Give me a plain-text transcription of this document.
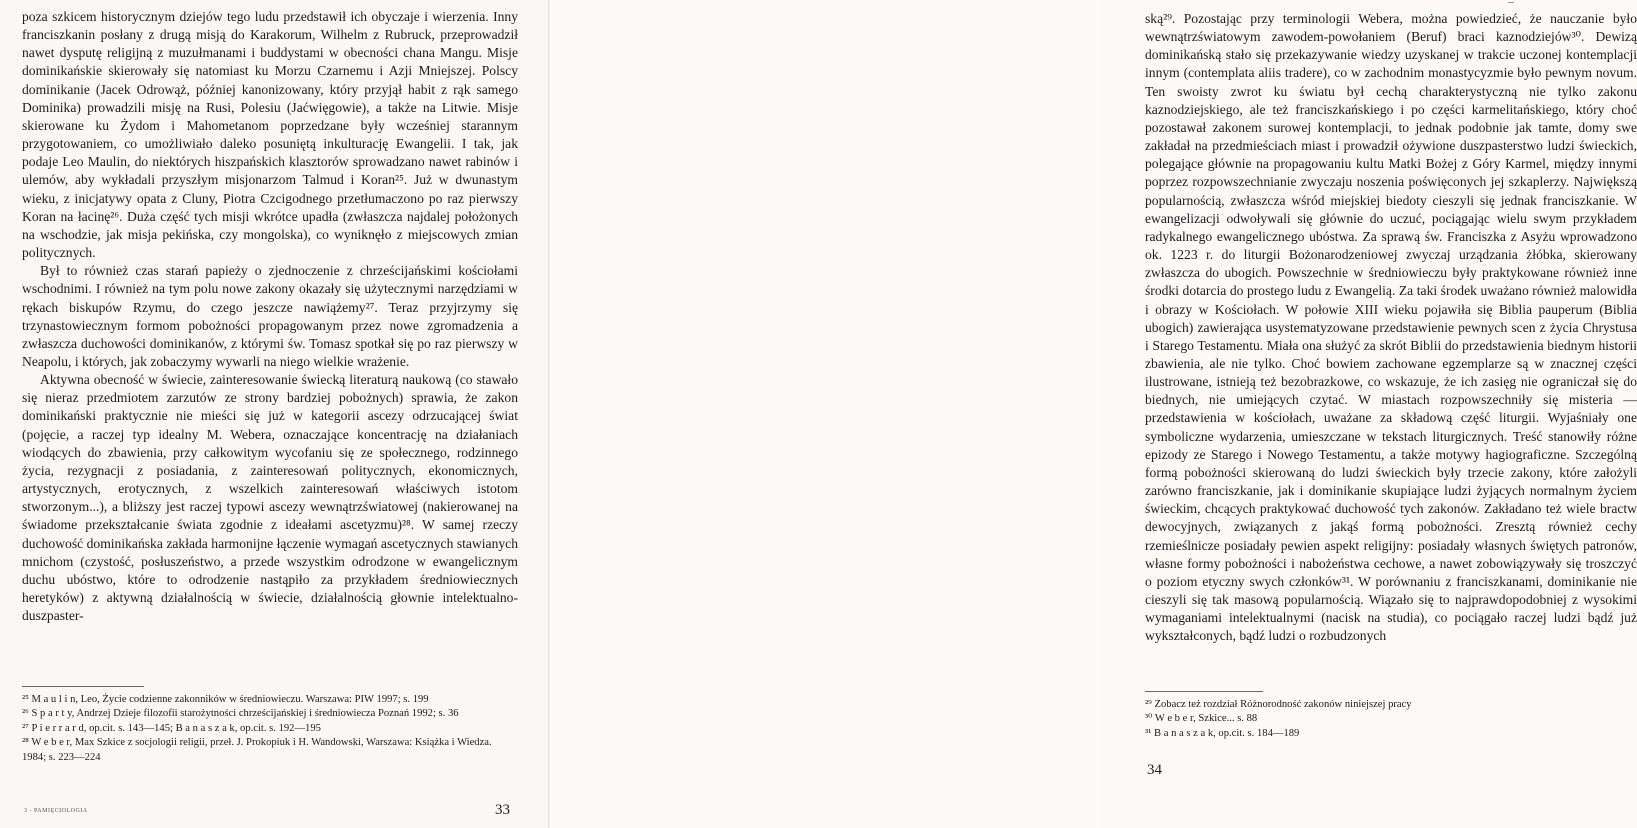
poza szkicem historycznym dziejów tego ludu przedstawił ich obyczaje i wierzenia. Inny franciszkanin posłany z drugą misją do Karakorum, Wilhelm z Rubruck, przeprowadził nawet dysputę religijną z muzułmanami i buddystami w obecności chana Mangu. Misje dominikańskie skierowały się natomiast ku Morzu Czarnemu i Azji Mniejszej. Polscy dominikanie (Jacek Odrowąż, później kanonizowany, który przyjął habit z rąk samego Dominika) prowadzili misję na Rusi, Polesiu (Jaćwięgowie), a także na Litwie. Misje skierowane ku Żydom i Mahometanom poprzedzane były wcześniej starannym przygotowaniem, co umożliwiało daleko posuniętą inkulturację Ewangelii. I tak, jak podaje Leo Maulin, do niektórych hiszpańskich klasztorów sprowadzano nawet rabinów i ulemów, aby wykładali przyszłym misjonarzom Talmud i Koran²⁵. Już w dwunastym wieku, z inicjatywy opata z Cluny, Piotra Czcigodnego przetłumaczono po raz pierwszy Koran na łacinę²⁶. Duża część tych misji wkrótce upadła (zwłaszcza najdalej położonych na wschodzie, jak misja pekińska, czy mongolska), co wyniknęło z miejscowych zmian politycznych.

Był to również czas starań papieży o zjednoczenie z chrześcijańskimi kościołami wschodnimi. I również na tym polu nowe zakony okazały się użytecznymi narzędziami w rękach biskupów Rzymu, do czego jeszcze nawiążemy²⁷. Teraz przyjrzymy się trzynastowiecznym formom pobożności propagowanym przez nowe zgromadzenia a zwłaszcza duchowości dominikanów, z którymi św. Tomasz spotkał się po raz pierwszy w Neapolu, i których, jak zobaczymy wywarli na niego wielkie wrażenie.

Aktywna obecność w świecie, zainteresowanie świecką literaturą naukową (co stawało się nieraz przedmiotem zarzutów ze strony bardziej pobożnych) sprawia, że zakon dominikański praktycznie nie mieści się już w kategorii ascezy odrzucającej świat (pojęcie, a raczej typ idealny M. Webera, oznaczające koncentrację na działaniach wiodących do zbawienia, przy całkowitym wycofaniu się ze społecznego, rodzinnego życia, rezygnacji z posiadania, z zainteresowań politycznych, ekonomicznych, artystycznych, erotycznych, z wszelkich zainteresowań właściwych istotom stworzonym...), a bliższy jest raczej typowi ascezy wewnątrzświatowej (nakierowanej na świadome przekształcanie świata zgodnie z ideałami ascetyzmu)²⁸. W samej rzeczy duchowość dominikańska zakłada harmonijne łączenie wymagań ascetycznych stawianych mnichom (czystość, posłuszeństwo, a przede wszystkim odrodzone w ewangelicznym duchu ubóstwo, które to odrodzenie nastąpiło za przykładem średniowiecznych heretyków) z aktywną działalnością w świecie, działalnością głownie intelektualno-duszpaster-

²⁵ M a u l i n, Leo, Życie codzienne zakonników w średniowieczu. Warszawa: PIW 1997; s. 199
²⁶ S p a r t y, Andrzej Dzieje filozofii starożytności chrześcijańskiej i średniowiecza Poznań 1992; s. 36
²⁷ P i e r r a r d, op.cit. s. 143—145; B a n a s z a k, op.cit. s. 192—195
²⁸ W e b e r, Max Szkice z socjologii religii, przeł. J. Prokopiuk i H. Wandowski, Warszawa: Książka i Wiedza. 1984; s. 223—224
3 - PAMIĘCIOLOGIA	33

ską²⁹. Pozostając przy terminologii Webera, można powiedzieć, że nauczanie było wewnątrzświatowym zawodem-powołaniem (Beruf) braci kaznodziejów³⁰. Dewizą dominikańską stało się przekazywanie wiedzy uzyskanej w trakcie uczonej kontemplacji innym (contemplata aliis tradere), co w zachodnim monastycyzmie było pewnym novum. Ten swoisty zwrot ku światu był cechą charakterystyczną nie tylko zakonu kaznodziejskiego, ale też franciszkańskiego i po części karmelitańskiego, który choć pozostawał zakonem surowej kontemplacji, to jednak podobnie jak tamte, domy swe zakładał na przedmieściach miast i prowadził ożywione duszpasterstwo ludzi świeckich, polegające głównie na propagowaniu kultu Matki Bożej z Góry Karmel, między innymi poprzez rozpowszechnianie zwyczaju noszenia poświęconych jej szkaplerzy. Największą popularnością, zwłaszcza wśród miejskiej biedoty cieszyli się jednak franciszkanie. W ewangelizacji odwoływali się głównie do uczuć, pociągając wielu swym przykładem radykalnego ewangelicznego ubóstwa. Za sprawą św. Franciszka z Asyżu wprowadzono ok. 1223 r. do liturgii Bożonarodzeniowej zwyczaj urządzania żłóbka, skierowany zwłaszcza do ubogich. Powszechnie w średniowieczu były praktykowane również inne środki dotarcia do prostego ludu z Ewangelią. Za taki środek uważano również malowidła i obrazy w Kościołach. W połowie XIII wieku pojawiła się Biblia pauperum (Biblia ubogich) zawierająca usystematyzowane przedstawienie pewnych scen z życia Chrystusa i Starego Testamentu. Miała ona służyć za skrót Biblii do przedstawienia biednym historii zbawienia, ale nie tylko. Choć bowiem zachowane egzemplarze są w znacznej części ilustrowane, istnieją też bezobrazkowe, co wskazuje, że ich zasięg nie ograniczał się do biednych, nie umiejących czytać. W miastach rozpowszechniły się misteria — przedstawienia w kościołach, uważane za składową część liturgii. Wyjaśniały one symboliczne wydarzenia, umieszczane w tekstach liturgicznych. Treść stanowiły różne epizody ze Starego i Nowego Testamentu, a także motywy hagiograficzne. Szczególną formą pobożności skierowaną do ludzi świeckich były trzecie zakony, które założyli zarówno franciszkanie, jak i dominikanie skupiające ludzi żyjących normalnym życiem świeckim, chcących praktykować duchowość tych zakonów. Zakładano też wiele bractw dewocyjnych, związanych z jakąś formą pobożności. Zresztą również cechy rzemieślnicze posiadały pewien aspekt religijny: posiadały własnych świętych patronów, własne formy pobożności i nabożeństwa cechowe, a nawet zobowiązywały się troszczyć o poziom etyczny swych członków³¹. W porównaniu z franciszkanami, dominikanie nie cieszyli się tak masową popularnością. Wiązało się to najprawdopodobniej z wysokimi wymaganiami intelektualnymi (nacisk na studia), co pociągało raczej ludzi bądź już wykształconych, bądź ludzi o rozbudzonych

²⁹ Zobacz też rozdział Różnorodność zakonów niniejszej pracy
³⁰ W e b e r, Szkice... s. 88
³¹ B a n a s z a k, op.cit. s. 184—189
34
